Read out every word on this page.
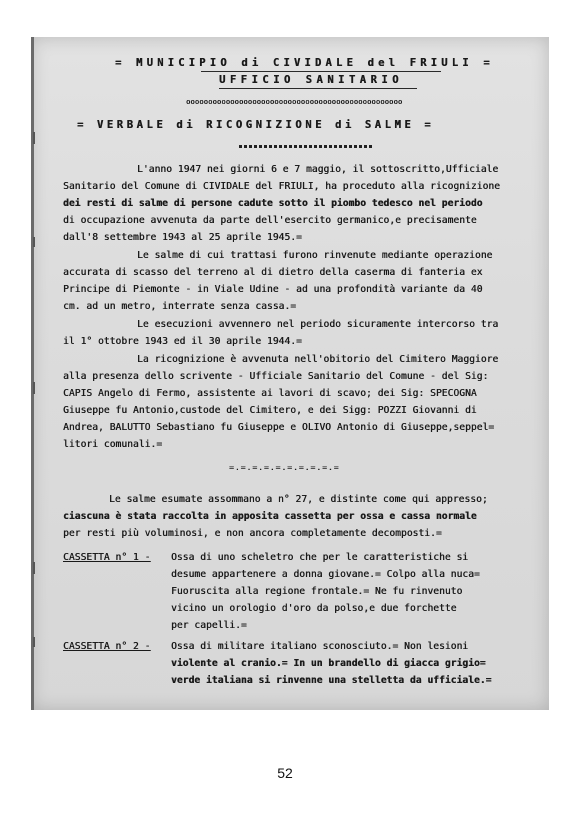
= MUNICIPIO di CIVIDALE del FRIULI =
UFFICIO SANITARIO
ooooooooooooooooooooooooooooooooooooooooooooooooo
= VERBALE di RICOGNIZIONE di SALME =
L'anno 1947 nei giorni 6 e 7 maggio, il sottoscritto,Ufficiale
Sanitario del Comune di CIVIDALE del FRIULI, ha proceduto alla ricognizione
dei resti di salme di persone cadute sotto il piombo tedesco nel periodo
di occupazione avvenuta da parte dell'esercito germanico,e precisamente
dall'8 settembre 1943 al 25 aprile 1945.=
Le salme di cui trattasi furono rinvenute mediante operazione
accurata di scasso del terreno al di dietro della caserma di fanteria ex
Principe di Piemonte - in Viale Udine - ad una profondità variante da 40
cm. ad un metro, interrate senza cassa.=
Le esecuzioni avvennero nel periodo sicuramente intercorso tra
il 1° ottobre 1943 ed il 30 aprile 1944.=
La ricognizione è avvenuta nell'obitorio del Cimitero Maggiore
alla presenza dello scrivente - Ufficiale Sanitario del Comune - del Sig:
CAPIS Angelo di Fermo, assistente ai lavori di scavo; dei Sig: SPECOGNA
Giuseppe fu Antonio,custode del Cimitero, e dei Sigg: POZZI Giovanni di
Andrea, BALUTTO Sebastiano fu Giuseppe e OLIVO Antonio di Giuseppe,seppel=
litori comunali.=
=.=.=.=.=.=.=.=.=.=
Le salme esumate assommano a n° 27, e distinte come qui appresso;
ciascuna è stata raccolta in apposita cassetta per ossa e cassa normale
per resti più voluminosi, e non ancora completamente decomposti.=
CASSETTA n° 1 - Ossa di uno scheletro che per le caratteristiche si
desume appartenere a donna giovane.= Colpo alla nuca=
Fuoruscita alla regione frontale.= Ne fu rinvenuto
vicino un orologio d'oro da polso,e due forchette
per capelli.=
CASSETTA n° 2 - Ossa di militare italiano sconosciuto.= Non lesioni
violente al cranio.= In un brandello di giacca grigio=
verde italiana si rinvenne una stelletta da ufficiale.=
52
